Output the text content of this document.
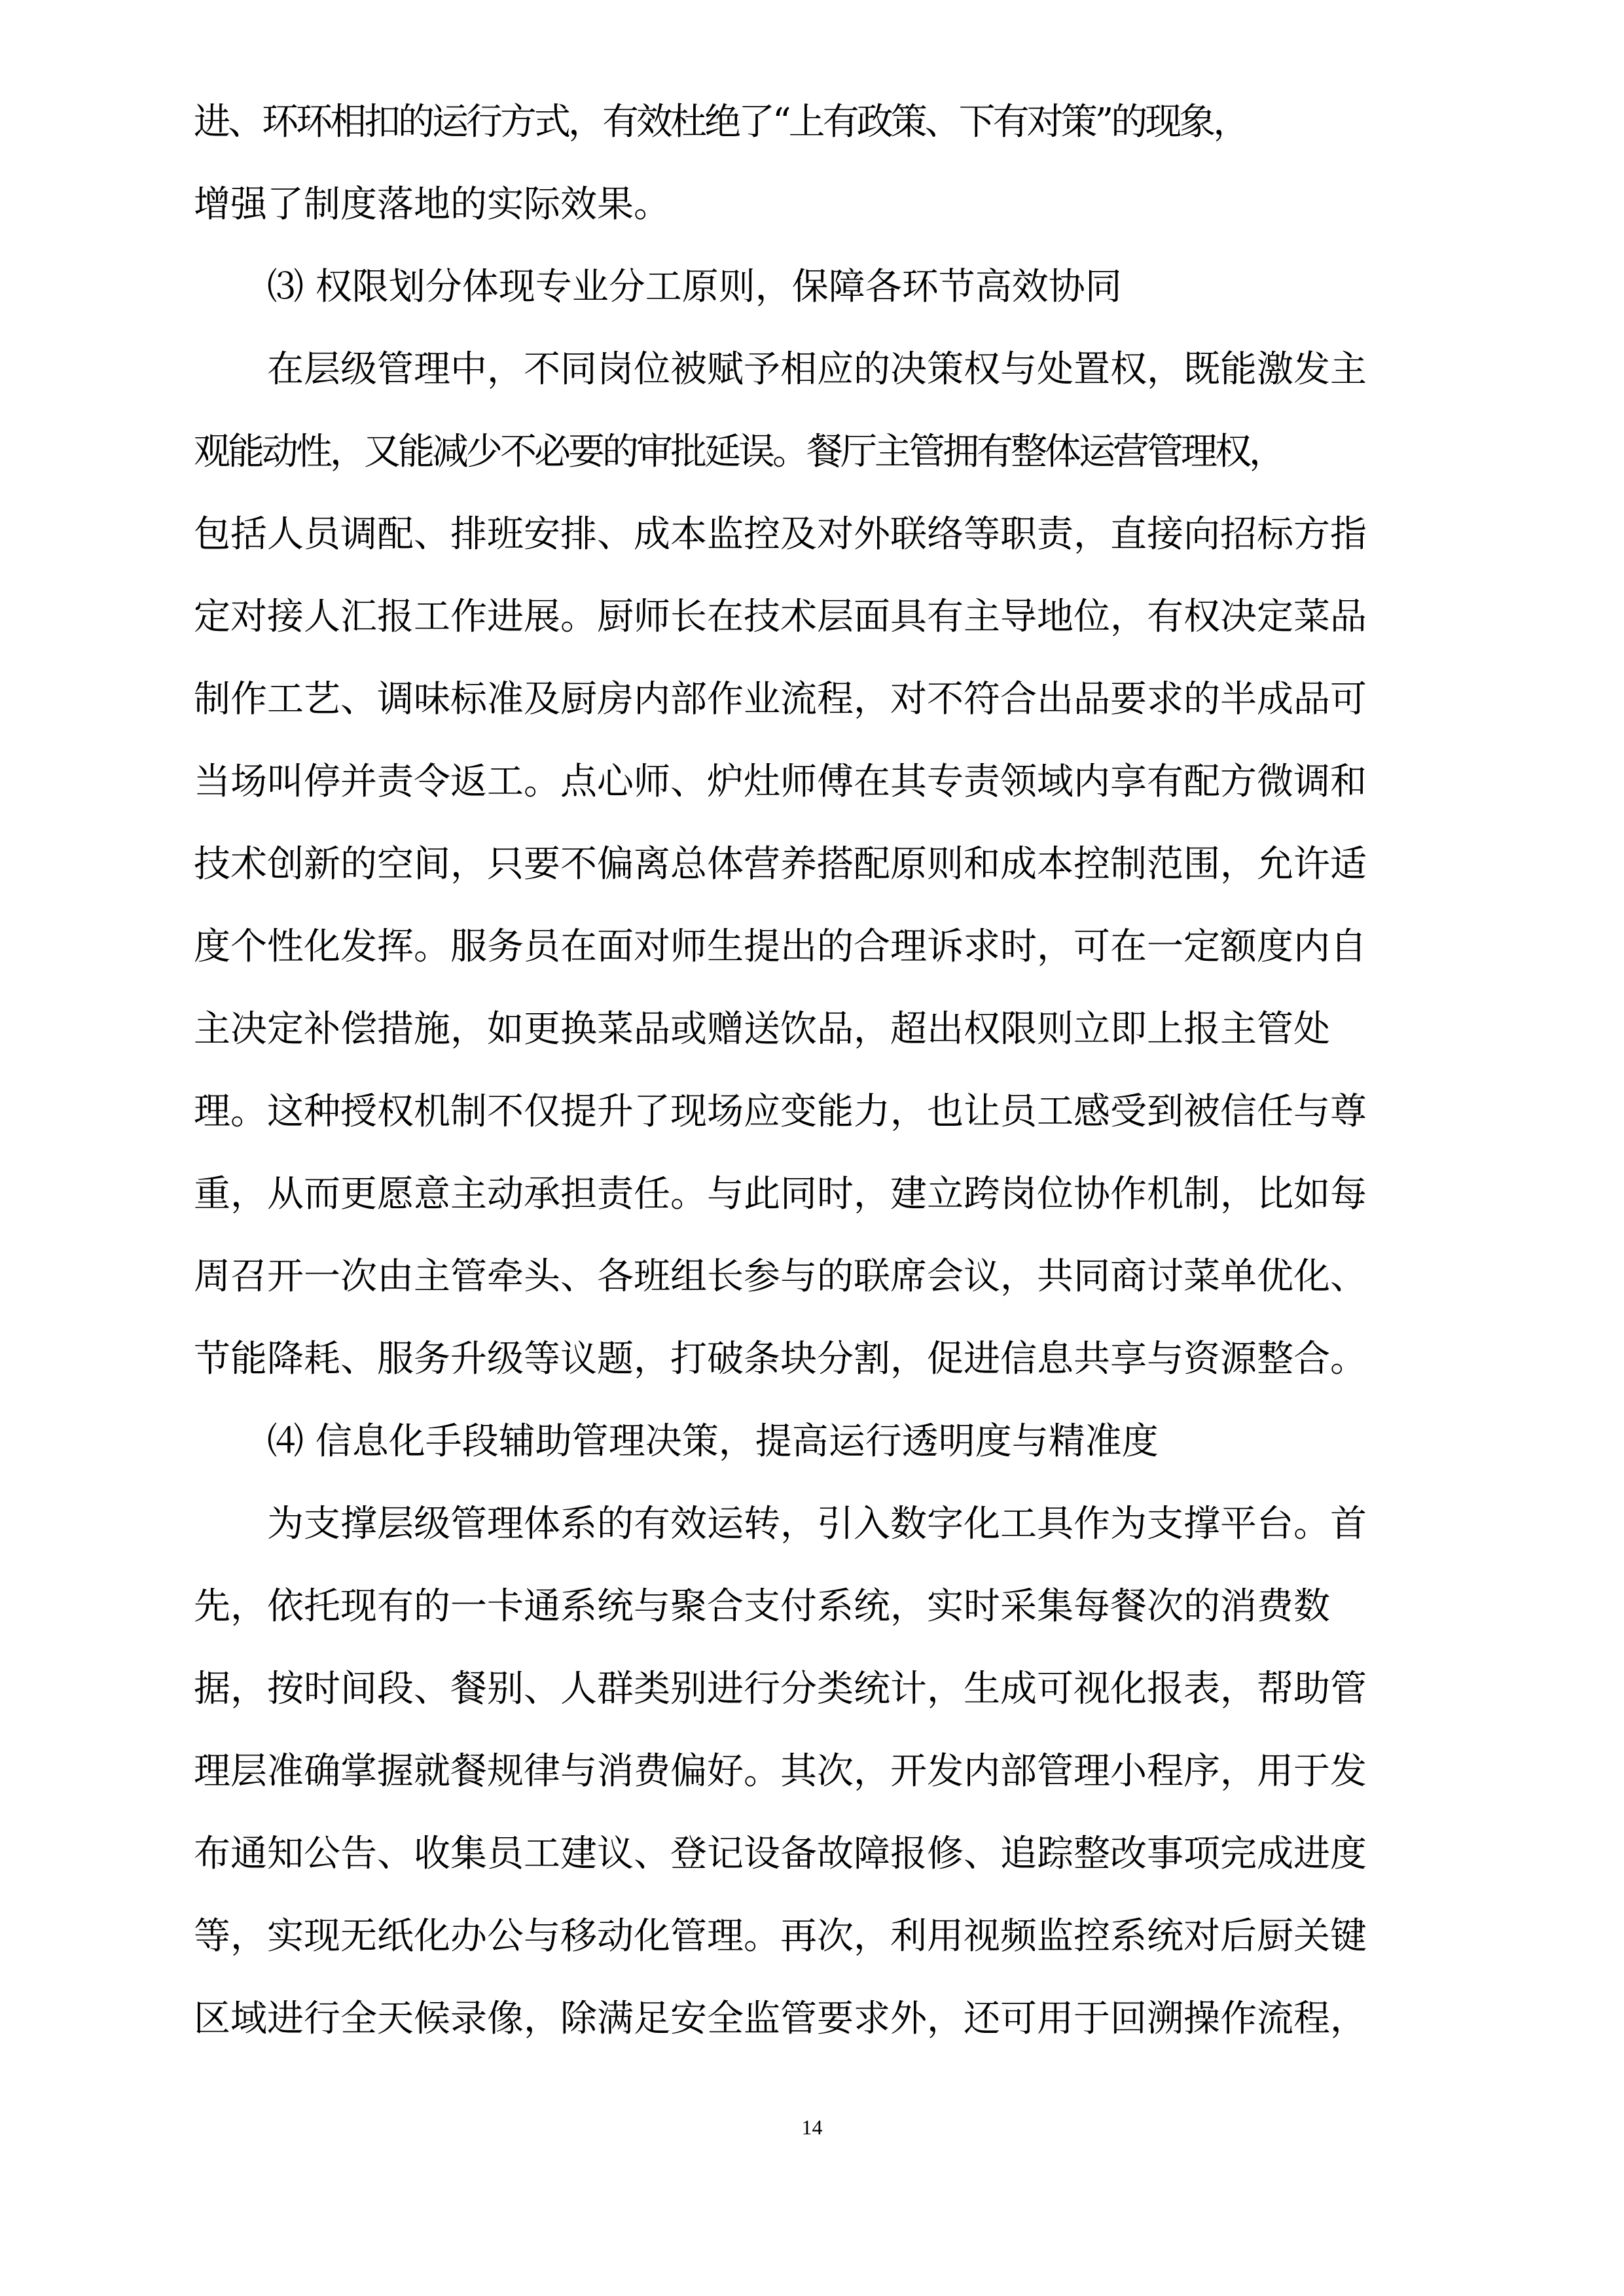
进、环环相扣的运行方式，有效杜绝了“上有政策、下有对策”的现象，
增强了制度落地的实际效果。
⑶ 权限划分体现专业分工原则，保障各环节高效协同
在层级管理中，不同岗位被赋予相应的决策权与处置权，既能激发主
观能动性，又能减少不必要的审批延误。餐厅主管拥有整体运营管理权，
包括人员调配、排班安排、成本监控及对外联络等职责，直接向招标方指
定对接人汇报工作进展。厨师长在技术层面具有主导地位，有权决定菜品
制作工艺、调味标准及厨房内部作业流程，对不符合出品要求的半成品可
当场叫停并责令返工。点心师、炉灶师傅在其专责领域内享有配方微调和
技术创新的空间，只要不偏离总体营养搭配原则和成本控制范围，允许适
度个性化发挥。服务员在面对师生提出的合理诉求时，可在一定额度内自
主决定补偿措施，如更换菜品或赠送饮品，超出权限则立即上报主管处
理。这种授权机制不仅提升了现场应变能力，也让员工感受到被信任与尊
重，从而更愿意主动承担责任。与此同时，建立跨岗位协作机制，比如每
周召开一次由主管牵头、各班组长参与的联席会议，共同商讨菜单优化、
节能降耗、服务升级等议题，打破条块分割，促进信息共享与资源整合。
⑷ 信息化手段辅助管理决策，提高运行透明度与精准度
为支撑层级管理体系的有效运转，引入数字化工具作为支撑平台。首
先，依托现有的一卡通系统与聚合支付系统，实时采集每餐次的消费数
据，按时间段、餐别、人群类别进行分类统计，生成可视化报表，帮助管
理层准确掌握就餐规律与消费偏好。其次，开发内部管理小程序，用于发
布通知公告、收集员工建议、登记设备故障报修、追踪整改事项完成进度
等，实现无纸化办公与移动化管理。再次，利用视频监控系统对后厨关键
区域进行全天候录像，除满足安全监管要求外，还可用于回溯操作流程，
14
